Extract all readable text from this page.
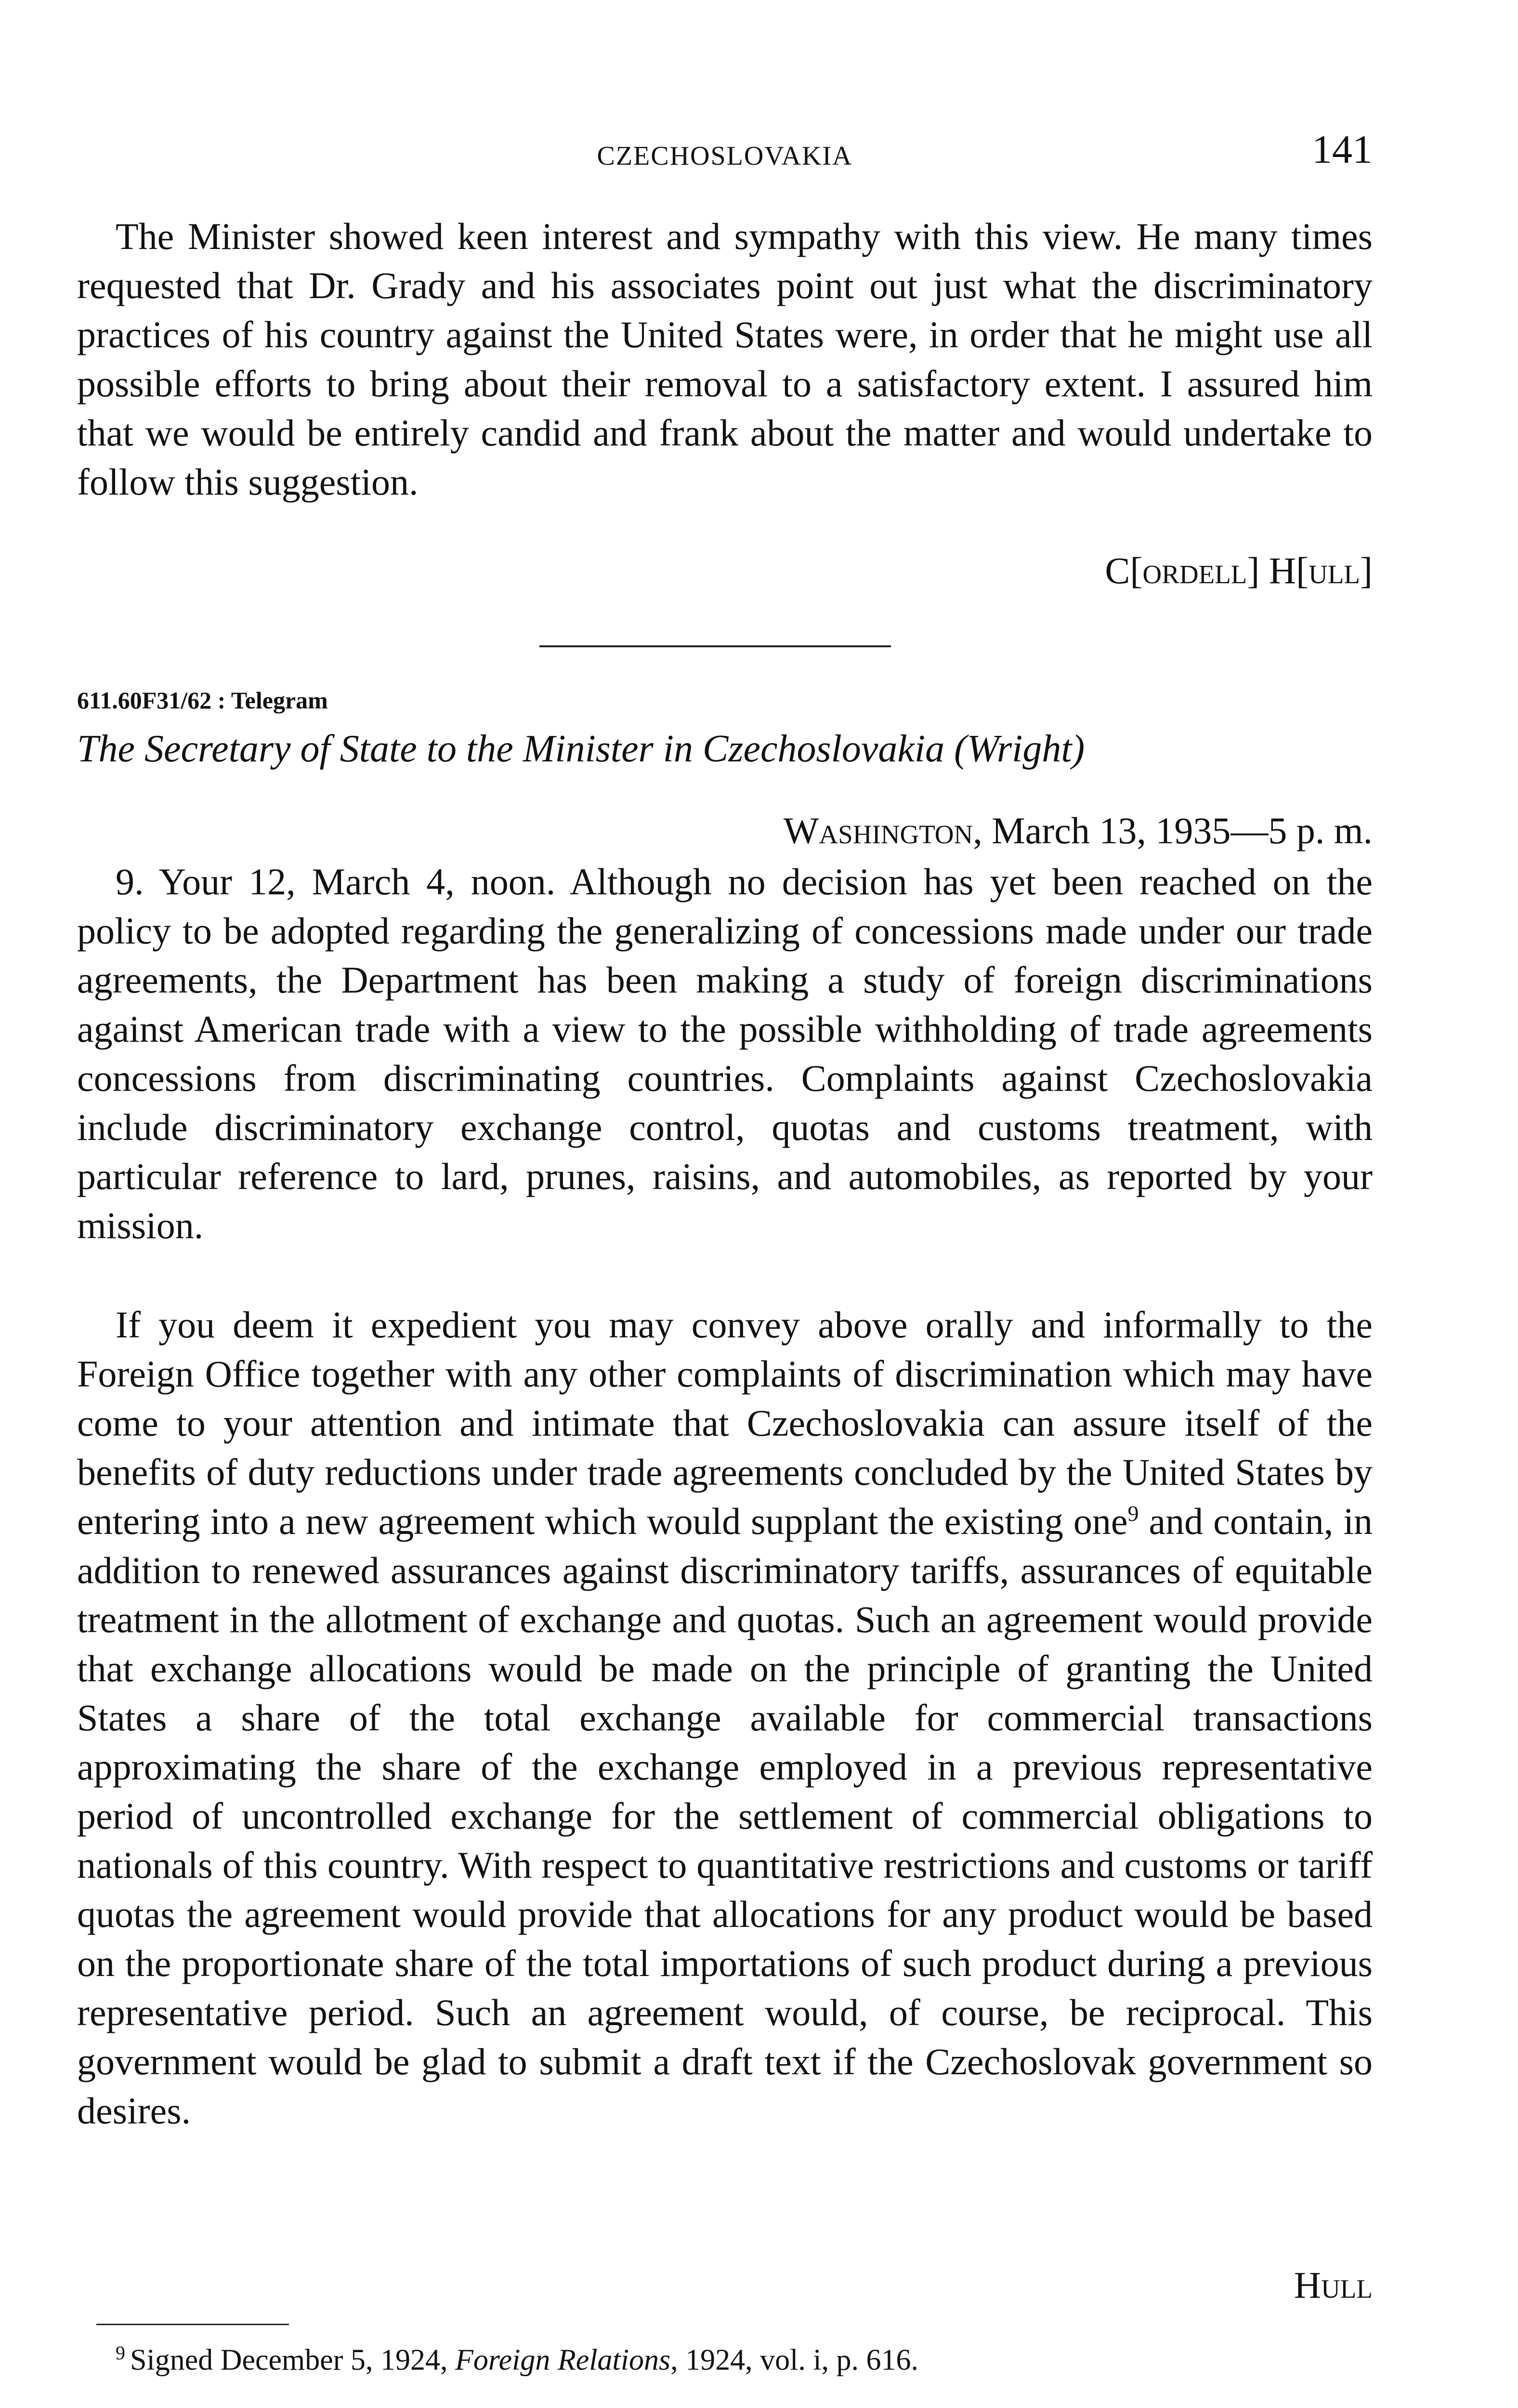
CZECHOSLOVAKIA	141

The Minister showed keen interest and sympathy with this view. He many times requested that Dr. Grady and his associates point out just what the discriminatory practices of his country against the United States were, in order that he might use all possible efforts to bring about their removal to a satisfactory extent. I assured him that we would be entirely candid and frank about the matter and would undertake to follow this suggestion.

C[ordell] H[ull]
611.60F31/62 : Telegram
The Secretary of State to the Minister in Czechoslovakia (Wright)
Washington, March 13, 1935—5 p. m.

9. Your 12, March 4, noon. Although no decision has yet been reached on the policy to be adopted regarding the generalizing of concessions made under our trade agreements, the Department has been making a study of foreign discriminations against American trade with a view to the possible withholding of trade agreements concessions from discriminating countries. Complaints against Czechoslovakia include discriminatory exchange control, quotas and customs treatment, with particular reference to lard, prunes, raisins, and automobiles, as reported by your mission.

If you deem it expedient you may convey above orally and informally to the Foreign Office together with any other complaints of discrimination which may have come to your attention and intimate that Czechoslovakia can assure itself of the benefits of duty reductions under trade agreements concluded by the United States by entering into a new agreement which would supplant the existing one$^9$ and contain, in addition to renewed assurances against discriminatory tariffs, assurances of equitable treatment in the allotment of exchange and quotas. Such an agreement would provide that exchange allocations would be made on the principle of granting the United States a share of the total exchange available for commercial transactions approximating the share of the exchange employed in a previous representative period of uncontrolled exchange for the settlement of commercial obligations to nationals of this country. With respect to quantitative restrictions and customs or tariff quotas the agreement would provide that allocations for any product would be based on the proportionate share of the total importations of such product during a previous representative period. Such an agreement would, of course, be reciprocal. This government would be glad to submit a draft text if the Czechoslovak government so desires.

Hull
$^9$ Signed December 5, 1924, Foreign Relations, 1924, vol. i, p. 616.
